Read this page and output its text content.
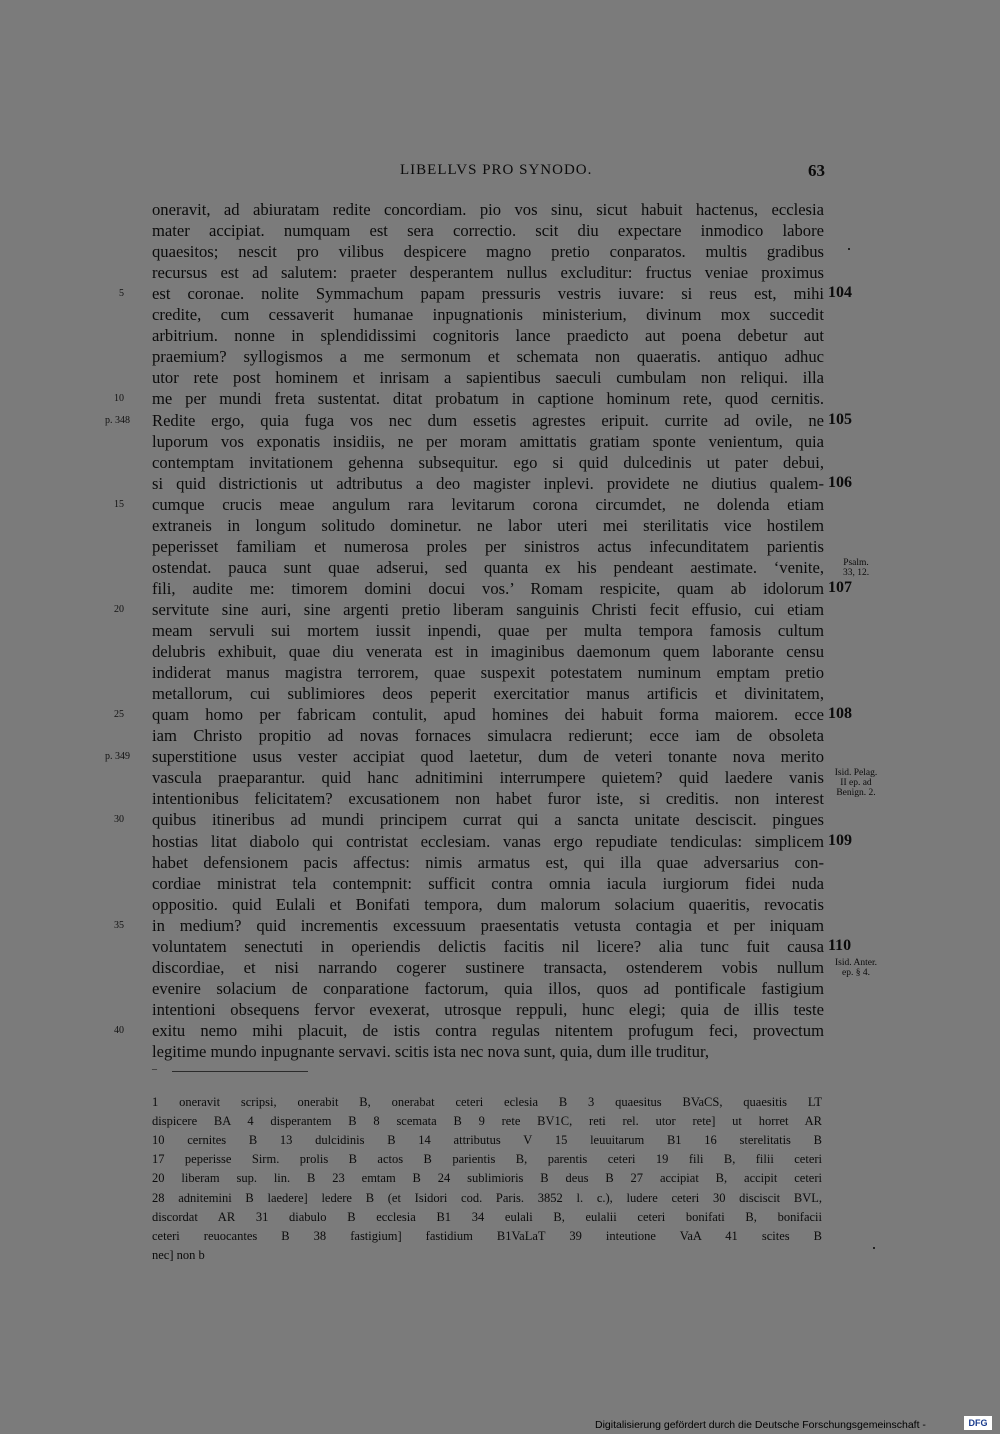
LIBELLVS PRO SYNODO.	63
oneravit, ad abiuratam redite concordiam. pio vos sinu, sicut habuit hactenus, ecclesia
mater accipiat. numquam est sera correctio. scit diu expectare inmodico labore
quaesitos; nescit pro vilibus despicere magno pretio conparatos. multis gradibus
recursus est ad salutem: praeter desperantem nullus excluditur: fructus veniae proximus
est coronae. nolite Symmachum papam pressuris vestris iuvare: si reus est, mihi
credite, cum cessaverit humanae inpugnationis ministerium, divinum mox succedit
arbitrium. nonne in splendidissimi cognitoris lance praedicto aut poena debetur aut
praemium? syllogismos a me sermonum et schemata non quaeratis. antiquo adhuc
utor rete post hominem et inrisam a sapientibus saeculi cumbulam non reliqui. illa
me per mundi freta sustentat. ditat probatum in captione hominum rete, quod cernitis.
Redite ergo, quia fuga vos nec dum essetis agrestes eripuit. currite ad ovile, ne
luporum vos exponatis insidiis, ne per moram amittatis gratiam sponte venientum, quia
contemptam invitationem gehenna subsequitur. ego si quid dulcedinis ut pater debui,
si quid districtionis ut adtributus a deo magister inplevi. providete ne diutius qualem-
cumque crucis meae angulum rara levitarum corona circumdet, ne dolenda etiam
extraneis in longum solitudo dominetur. ne labor uteri mei sterilitatis vice hostilem
peperisset familiam et numerosa proles per sinistros actus infecunditatem parientis
ostendat. pauca sunt quae adserui, sed quanta ex his pendeant aestimate. ‘venite,
fili, audite me: timorem domini docui vos.’ Romam respicite, quam ab idolorum
servitute sine auri, sine argenti pretio liberam sanguinis Christi fecit effusio, cui etiam
meam servuli sui mortem iussit inpendi, quae per multa tempora famosis cultum
delubris exhibuit, quae diu venerata est in imaginibus daemonum quem laborante censu
indiderat manus magistra terrorem, quae suspexit potestatem numinum emptam pretio
metallorum, cui sublimiores deos peperit exercitatior manus artificis et divinitatem,
quam homo per fabricam contulit, apud homines dei habuit forma maiorem. ecce
iam Christo propitio ad novas fornaces simulacra redierunt; ecce iam de obsoleta
superstitione usus vester accipiat quod laetetur, dum de veteri tonante nova merito
vascula praeparantur. quid hanc adnitimini interrumpere quietem? quid laedere vanis
intentionibus felicitatem? excusationem non habet furor iste, si creditis. non interest
quibus itineribus ad mundi principem currat qui a sancta unitate desciscit. pingues
hostias litat diabolo qui contristat ecclesiam. vanas ergo repudiate tendiculas: simplicem
habet defensionem pacis affectus: nimis armatus est, qui illa quae adversarius con-
cordiae ministrat tela contempnit: sufficit contra omnia iacula iurgiorum fidei nuda
oppositio. quid Eulali et Bonifati tempora, dum malorum solacium quaeritis, revocatis
in medium? quid incrementis excessuum praesentatis vetusta contagia et per iniquam
voluntatem senectuti in operiendis delictis facitis nil licere? alia tunc fuit causa
discordiae, et nisi narrando cogerer sustinere transacta, ostenderem vobis nullum
evenire solacium de conparatione factorum, quia illos, quos ad pontificale fastigium
intentioni obsequens fervor evexerat, utrosque reppuli, hunc elegi; quia de illis teste
exitu nemo mihi placuit, de istis contra regulas nitentem profugum feci, provectum
legitime mundo inpugnante servavi. scitis ista nec nova sunt, quia, dum ille truditur,
5
10
15
20
25
30
35
40
p. 348
p. 349
104
105
106
107
108
109
110
Psalm.
33, 12.
Isid. Pelag.
II ep. ad
Benign. 2.
Isid. Anter.
ep. § 4.
–
1 oneravit scripsi, onerabit B, onerabat ceteri eclesia B 3 quaesitus BVaCS, quaesitis LT
dispicere BA 4 disperantem B 8 scemata B 9 rete BV1C, reti rel. utor rete] ut horret AR
10 cernites B 13 dulcidinis B 14 attributus V 15 leuuitarum B1 16 sterelitatis B
17 peperisse Sirm. prolis B actos B parientis B, parentis ceteri 19 fili B, filii ceteri
20 liberam sup. lin. B 23 emtam B 24 sublimioris B deus B 27 accipiat B, accipit ceteri
28 adnitemini B laedere] ledere B (et Isidori cod. Paris. 3852 l. c.), ludere ceteri 30 disciscit BVL,
discordat AR 31 diabulo B ecclesia B1 34 eulali B, eulalii ceteri bonifati B, bonifacii
ceteri reuocantes B 38 fastigium] fastidium B1VaLaT 39 inteutione VaA 41 scites B
nec] non b
Digitalisierung gefördert durch die Deutsche Forschungsgemeinschaft -	DFG
